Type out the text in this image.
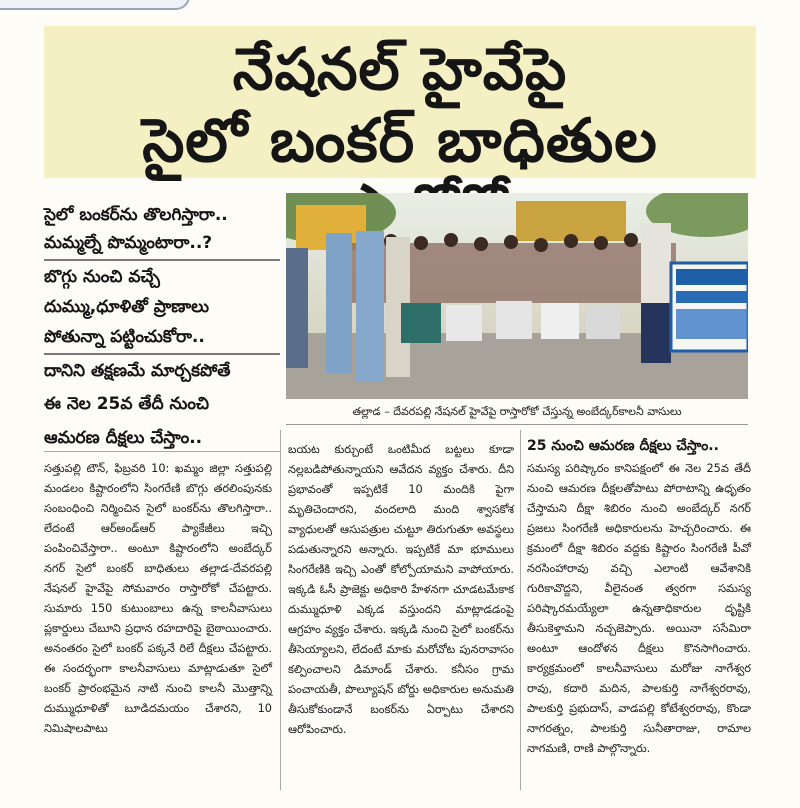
నేషనల్ హైవేపై
సైలో బంకర్ బాధితుల
సైలో బంకర్‌ను తొలగిస్తారా..
మమ్మల్నే పొమ్మంటారా..?
బొగ్గు నుంచి వచ్చే
దుమ్ము,ధూళితో ప్రాణాలు
పోతున్నా పట్టించుకోరా..
దానిని తక్షణమే మార్చకపోతే
ఈ నెల 25వ తేదీ నుంచి
ఆమరణ దీక్షలు చేస్తాం..
తల్లాడ – దేవరపల్లి నేషనల్ హైవేపై రాస్తారోకో చేస్తున్న అంబేద్కర్‌కాలనీ వాసులు

సత్తుపల్లి టౌన్‌, ఫిబ్రవరి 10: ఖమ్మం జిల్లా సత్తుపల్లి మండలం కిష్టారంలోని సింగరేణి బొగ్గు తరలింపునకు సంబంధించి నిర్మించిన సైలో బంకర్‌ను తొలగిస్తారా.. లేదంటే ఆర్‌అండ్‌ఆర్‌ ప్యాకేజీలు ఇచ్చి పంపించివేస్తారా.. అంటూ కిష్టారంలోని అంబేద్కర్‌ నగర్‌ సైలో బంకర్‌ బాధితులు తల్లాడ-దేవరపల్లి నేషనల్‌ హైవేపై సోమవారం రాస్తారోకో చేపట్టారు. సుమారు 150 కుటుంబాలు ఉన్న కాలనీవాసులు ప్లకార్డులు చేబూని ప్రధాన రహదారిపై బైఠాయించారు. అనంతరం సైలో బంకర్‌ పక్కనే రిలే దీక్షలు చేపట్టారు. ఈ సందర్భంగా కాలనీవాసులు మాట్లాడుతూ సైలో బంకర్‌ ప్రారంభమైన నాటి నుంచి కాలనీ మొత్తాన్ని దుమ్ముధూళితో బూడిదమయం చేశారని, 10 నిమిషాలపాటు

బయట కుర్చుంటే ఒంటిమీద బట్టలు కూడా నల్లబడిపోతున్నాయని ఆవేదన వ్యక్తం చేశారు. దీని ప్రభావంతో ఇప్పటికే 10 మందికి పైగా మృతిచెందారని, వందలాది మంది శ్వాసకోశ వ్యాధులతో ఆసుపత్రుల చుట్టూ తిరుగుతూ అవస్థలు పడుతున్నారని అన్నారు. ఇప్పటికే మా భూములు సింగరేణికి ఇచ్చి ఎంతో కోల్పోయామని వాపోయారు. ఇక్కడి ఓసీ ప్రాజెక్టు అధికారి హేళనగా చూడటమేకాక దుమ్ముధూళి ఎక్కడ వస్తుందని మాట్లాడడంపై ఆగ్రహం వ్యక్తం చేశారు. ఇక్కడి నుంచి సైలో బంకర్‌ను తీసెయ్యాలని, లేదంటే మాకు మరోచోట పునరావాసం కల్పించాలని డిమాండ్‌ చేశారు. కనీసం గ్రామ పంచాయతీ, పొల్యూషన్‌ బోర్డు అధికారుల అనుమతి తీసుకోకుండానే బంకర్‌ను ఏర్పాటు చేశారని ఆరోపించారు.

25 నుంచి ఆమరణ దీక్షలు చేస్తాం..

సమస్య పరిష్కారం కానిపక్షంలో ఈ నెల 25వ తేదీ నుంచి ఆమరణ దీక్షలతోపాటు పోరాటాన్ని ఉధృతం చేస్తామని దీక్షా శిబిరం నుంచి అంబేద్కర్‌ నగర్‌ ప్రజలు సింగరేణి అధికారులను హెచ్చరించారు. ఈ క్రమంలో దీక్షా శిబిరం వద్దకు కిష్టారం సింగరేణి పీవో నరసింహారావు వచ్చి ఎలాంటి ఆవేశానికి గురికావొద్దని, వీలైనంత త్వరగా సమస్య పరిష్కారమయ్యేలా ఉన్నతాధికారుల దృష్టికి తీసుకెళ్తామని నచ్చజెప్పారు. అయినా ససేమిరా అంటూ ఆందోళన దీక్షలు కొనసాగించారు. కార్యక్రమంలో కాలనీవాసులు మరోజు నాగేశ్వర రావు, కదారి మదిన, పాలకుర్తి నాగేశ్వరరావు, పాలకుర్తి ప్రభుదాస్‌, వాడపల్లి కోటేశ్వరరావు, కొండా నాగరత్నం, పాలకుర్తి సునీతారాజు, రామాల నాగమణి, రాణి పాల్గొన్నారు.
